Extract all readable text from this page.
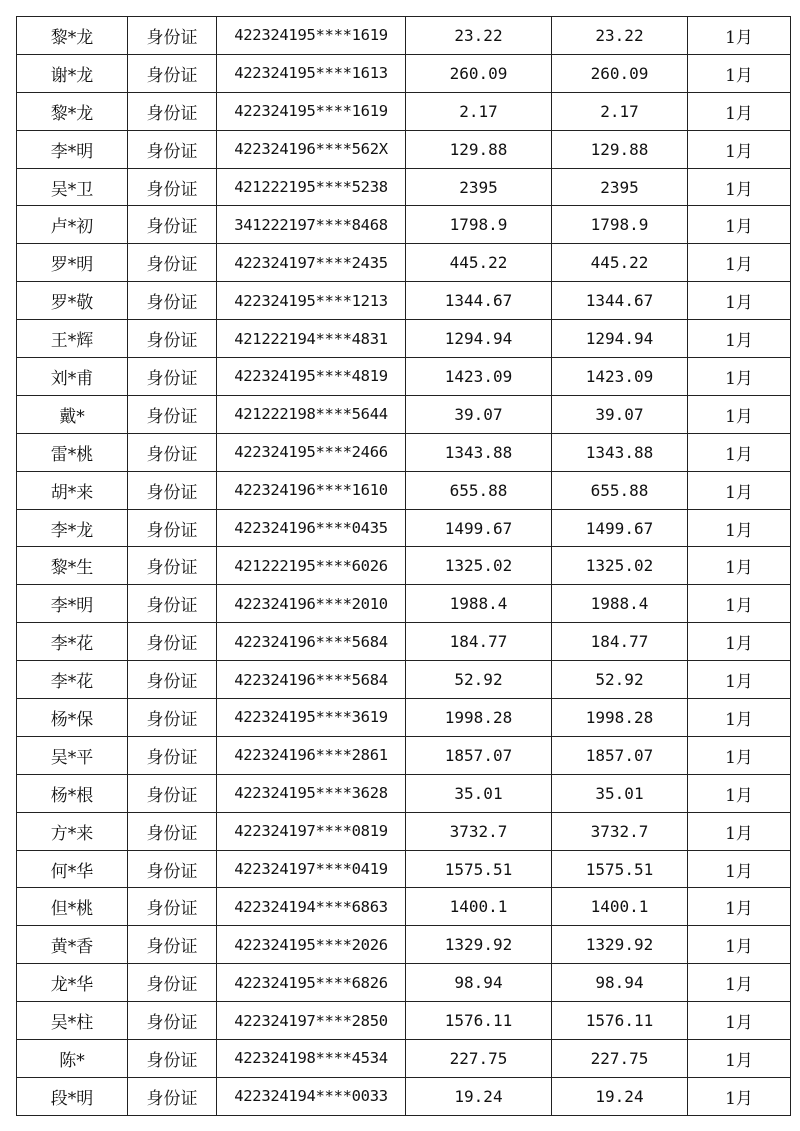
黎*龙	身份证	422324195****1619	23.22	23.22	1月
谢*龙	身份证	422324195****1613	260.09	260.09	1月
黎*龙	身份证	422324195****1619	2.17	2.17	1月
李*明	身份证	422324196****562X	129.88	129.88	1月
吴*卫	身份证	421222195****5238	2395	2395	1月
卢*初	身份证	341222197****8468	1798.9	1798.9	1月
罗*明	身份证	422324197****2435	445.22	445.22	1月
罗*敬	身份证	422324195****1213	1344.67	1344.67	1月
王*辉	身份证	421222194****4831	1294.94	1294.94	1月
刘*甫	身份证	422324195****4819	1423.09	1423.09	1月
戴*	身份证	421222198****5644	39.07	39.07	1月
雷*桃	身份证	422324195****2466	1343.88	1343.88	1月
胡*来	身份证	422324196****1610	655.88	655.88	1月
李*龙	身份证	422324196****0435	1499.67	1499.67	1月
黎*生	身份证	421222195****6026	1325.02	1325.02	1月
李*明	身份证	422324196****2010	1988.4	1988.4	1月
李*花	身份证	422324196****5684	184.77	184.77	1月
李*花	身份证	422324196****5684	52.92	52.92	1月
杨*保	身份证	422324195****3619	1998.28	1998.28	1月
吴*平	身份证	422324196****2861	1857.07	1857.07	1月
杨*根	身份证	422324195****3628	35.01	35.01	1月
方*来	身份证	422324197****0819	3732.7	3732.7	1月
何*华	身份证	422324197****0419	1575.51	1575.51	1月
但*桃	身份证	422324194****6863	1400.1	1400.1	1月
黄*香	身份证	422324195****2026	1329.92	1329.92	1月
龙*华	身份证	422324195****6826	98.94	98.94	1月
吴*柱	身份证	422324197****2850	1576.11	1576.11	1月
陈*	身份证	422324198****4534	227.75	227.75	1月
段*明	身份证	422324194****0033	19.24	19.24	1月
